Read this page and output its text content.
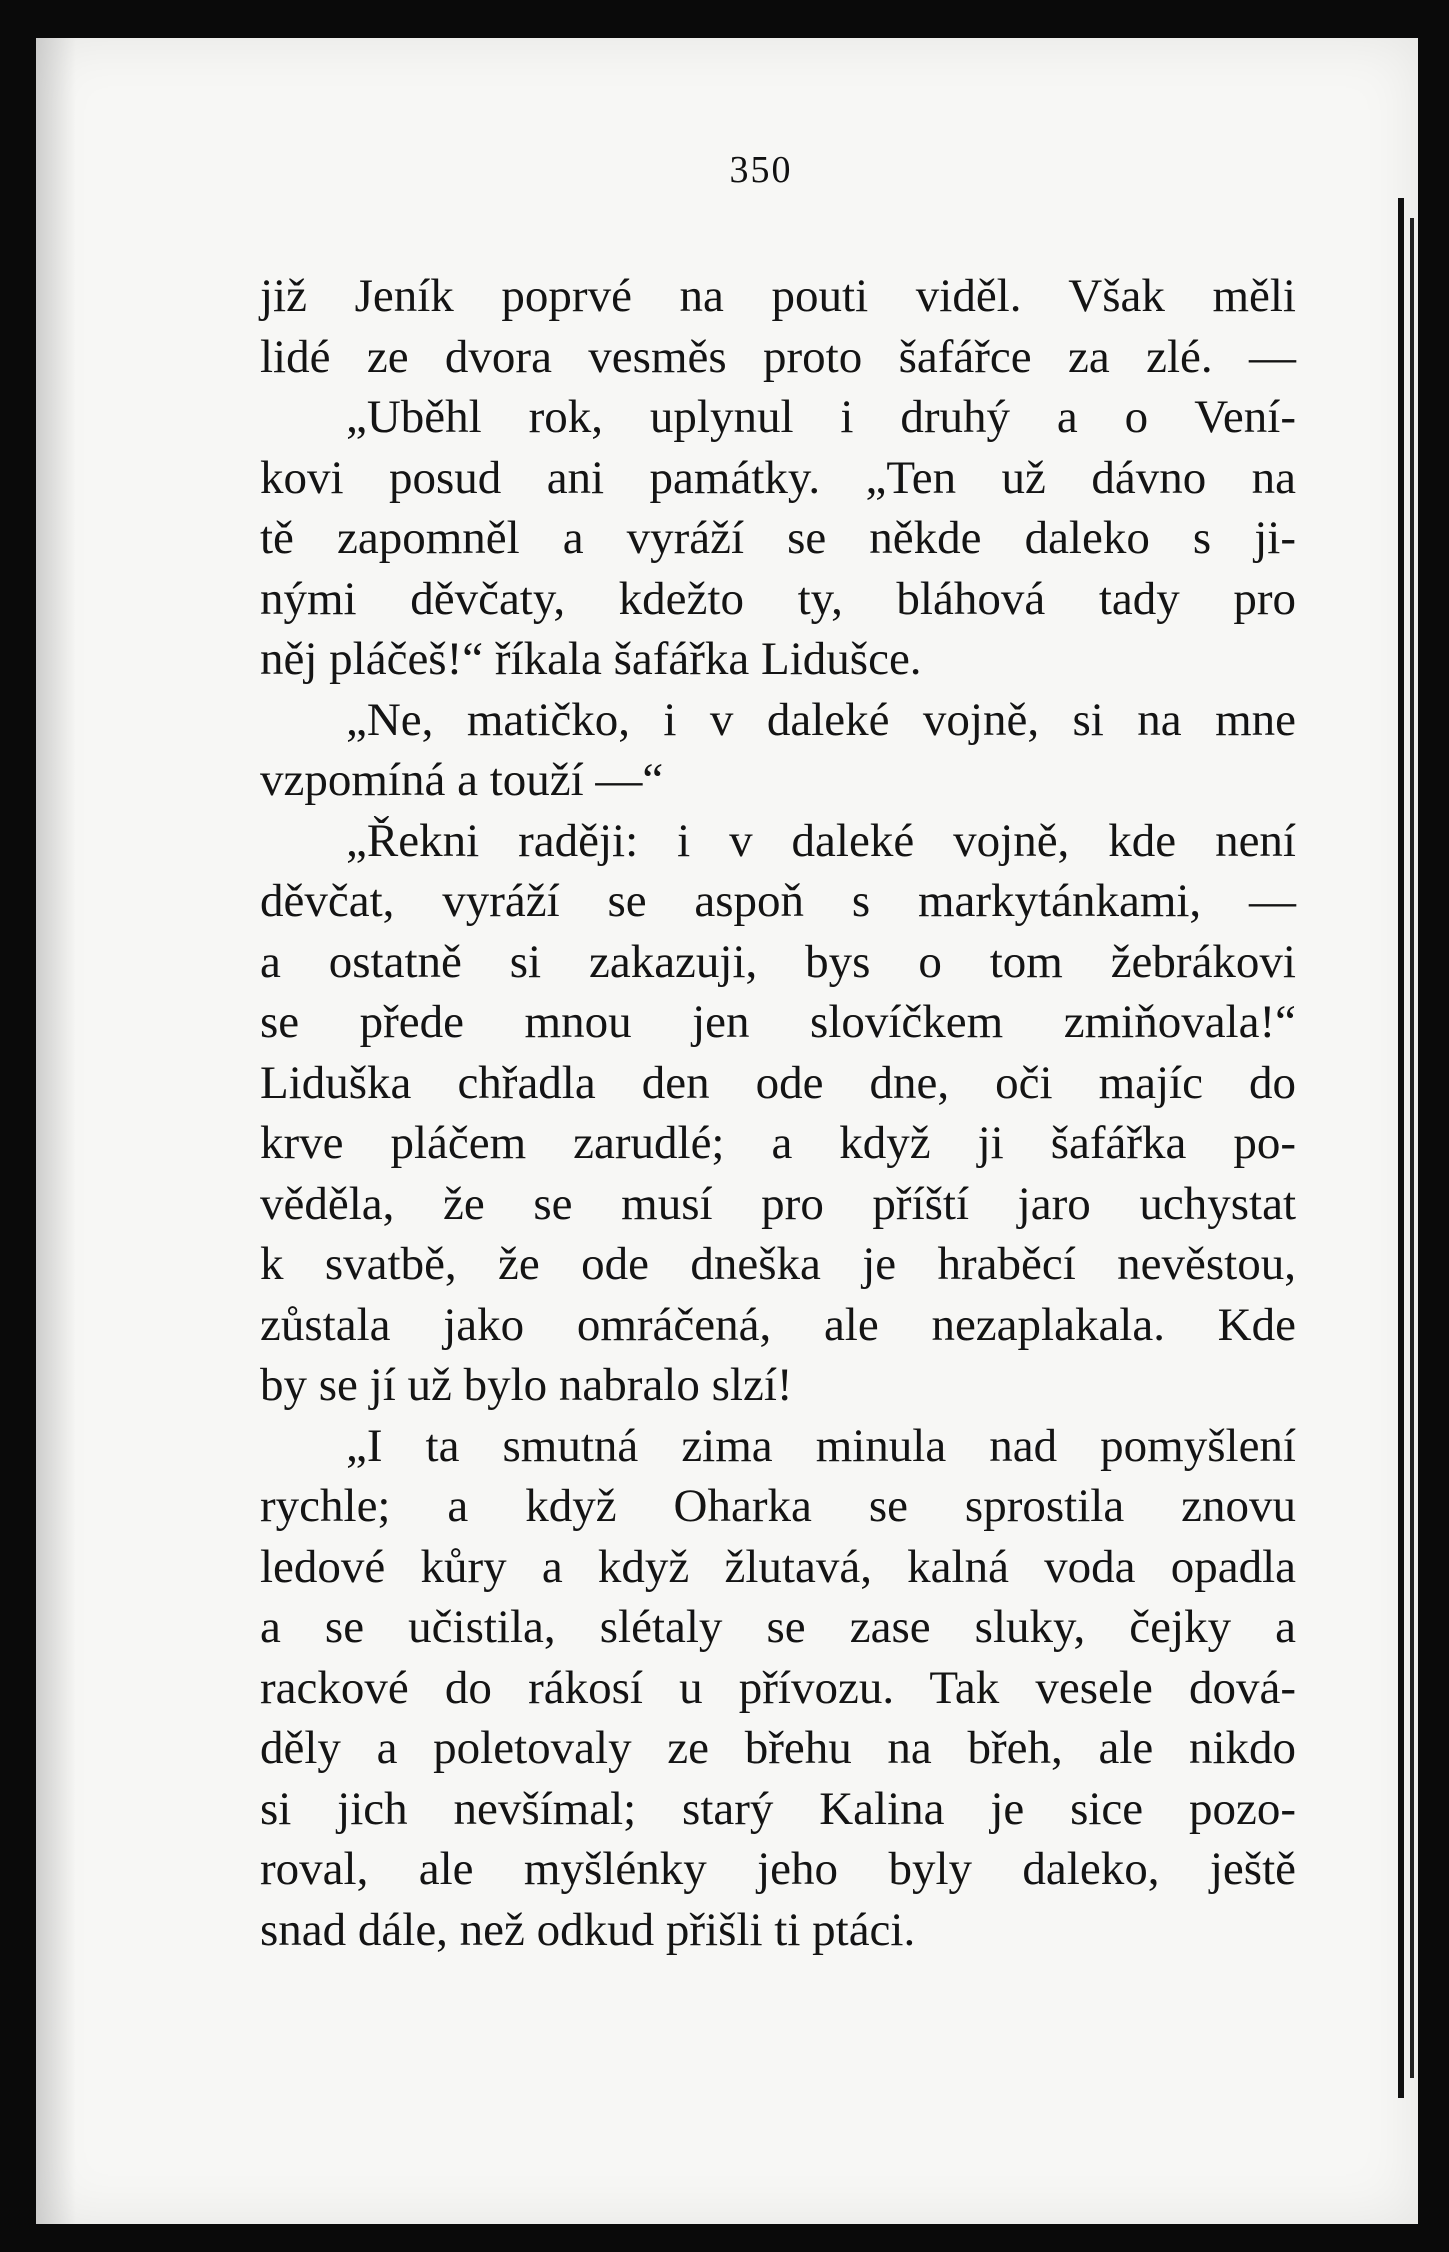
350
již Jeník poprvé na pouti viděl. Však měli
lidé ze dvora vesměs proto šafářce za zlé. —
„Uběhl rok, uplynul i druhý a o Vení-
kovi posud ani památky. „Ten už dávno na
tě zapomněl a vyráží se někde daleko s ji-
nými děvčaty, kdežto ty, bláhová tady pro
něj pláčeš!“ říkala šafářka Lidušce.
„Ne, matičko, i v daleké vojně, si na mne
vzpomíná a touží —“
„Řekni raději: i v daleké vojně, kde není
děvčat, vyráží se aspoň s markytánkami, —
a ostatně si zakazuji, bys o tom žebrákovi
se přede mnou jen slovíčkem zmiňovala!“
Liduška chřadla den ode dne, oči majíc do
krve pláčem zarudlé; a když ji šafářka po-
věděla, že se musí pro příští jaro uchystat
k svatbě, že ode dneška je hraběcí nevěstou,
zůstala jako omráčená, ale nezaplakala. Kde
by se jí už bylo nabralo slzí!
„I ta smutná zima minula nad pomyšlení
rychle; a když Oharka se sprostila znovu
ledové kůry a když žlutavá, kalná voda opadla
a se učistila, slétaly se zase sluky, čejky a
rackové do rákosí u přívozu. Tak vesele dová-
děly a poletovaly ze břehu na břeh, ale nikdo
si jich nevšímal; starý Kalina je sice pozo-
roval, ale myšlénky jeho byly daleko, ještě
snad dále, než odkud přišli ti ptáci.
